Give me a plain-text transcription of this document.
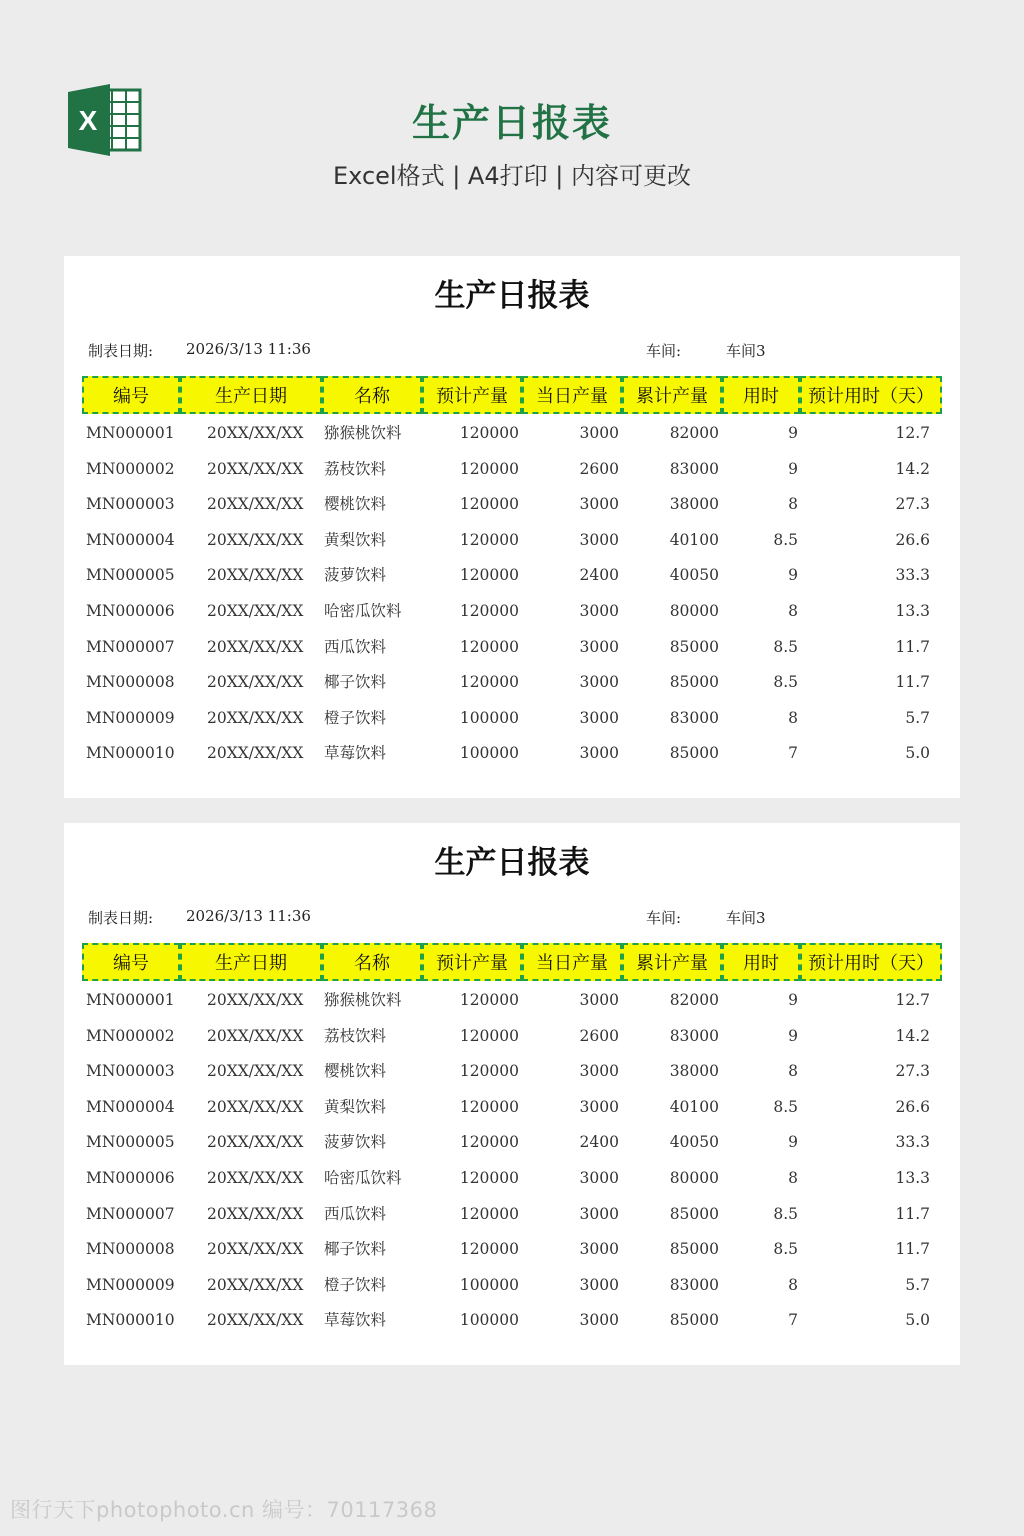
X	生产日报表
Excel格式 | A4打印 | 内容可更改
生产日报表
制表日期: 2026/3/13 11:36	车间:	车间3
编号	生产日期	名称	预计产量	当日产量	累计产量	用时	预计用时（天）
MN000001 20XX/XX/XX 猕猴桃饮料	120000	3000	82000	9	12.7
MN000002 20XX/XX/XX 荔枝饮料	120000	2600	83000	9	14.2
MN000003 20XX/XX/XX 樱桃饮料	120000	3000	38000	8	27.3
MN000004 20XX/XX/XX 黄梨饮料	120000	3000	40100	8.5	26.6
MN000005 20XX/XX/XX 菠萝饮料	120000	2400	40050	9	33.3
MN000006 20XX/XX/XX 哈密瓜饮料	120000	3000	80000	8	13.3
MN000007 20XX/XX/XX 西瓜饮料	120000	3000	85000	8.5	11.7
MN000008 20XX/XX/XX 椰子饮料	120000	3000	85000	8.5	11.7
MN000009 20XX/XX/XX 橙子饮料	100000	3000	83000	8	5.7
MN000010 20XX/XX/XX 草莓饮料	100000	3000	85000	7	5.0
生产日报表
制表日期: 2026/3/13 11:36	车间:	车间3
编号	生产日期	名称	预计产量	当日产量	累计产量	用时	预计用时（天）
MN000001 20XX/XX/XX 猕猴桃饮料	120000	3000	82000	9	12.7
MN000002 20XX/XX/XX 荔枝饮料	120000	2600	83000	9	14.2
MN000003 20XX/XX/XX 樱桃饮料	120000	3000	38000	8	27.3
MN000004 20XX/XX/XX 黄梨饮料	120000	3000	40100	8.5	26.6
MN000005 20XX/XX/XX 菠萝饮料	120000	2400	40050	9	33.3
MN000006 20XX/XX/XX 哈密瓜饮料	120000	3000	80000	8	13.3
MN000007 20XX/XX/XX 西瓜饮料	120000	3000	85000	8.5	11.7
MN000008 20XX/XX/XX 椰子饮料	120000	3000	85000	8.5	11.7
MN000009 20XX/XX/XX 橙子饮料	100000	3000	83000	8	5.7
MN000010 20XX/XX/XX 草莓饮料	100000	3000	85000	7	5.0
图行天下photophoto.cn 编号：70117368
